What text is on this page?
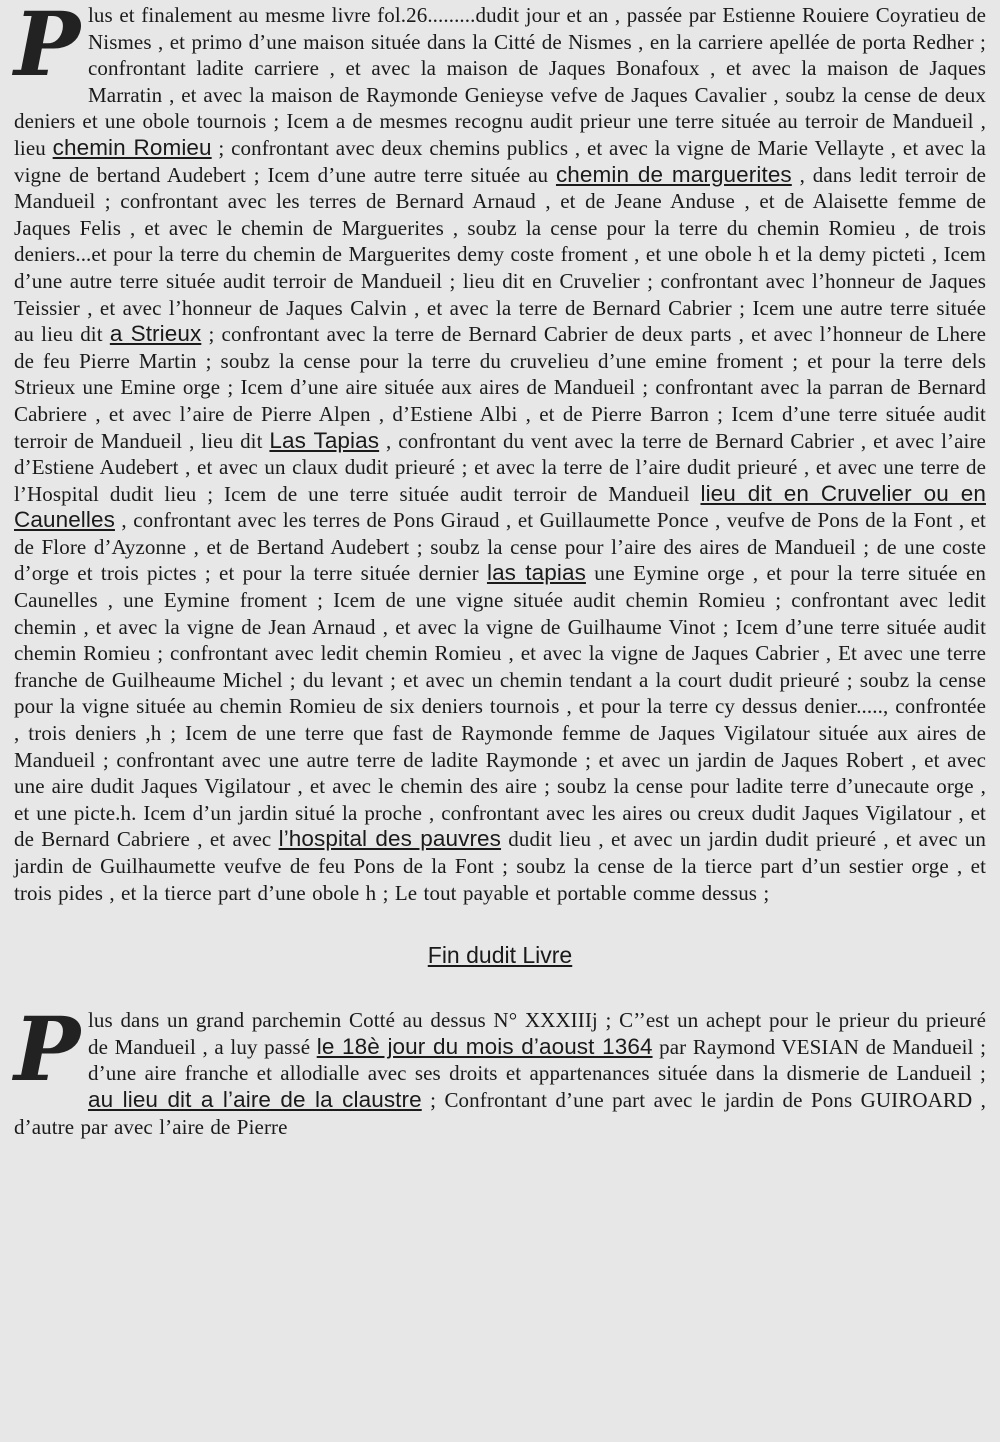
P lus et finalement au mesme livre fol.26.........dudit jour et an , passée par Estienne Rouiere Coyratieu de Nismes , et primo d’une maison située dans la Citté de Nismes , en la carriere apellée de porta Redher ; confrontant ladite carriere , et avec la maison de Jaques Bonafoux , et avec la maison de Jaques Marratin , et avec la maison de Raymonde Genieyse vefve de Jaques Cavalier , soubz la cense de deux deniers et une obole tournois ; Icem a de mesmes recognu audit prieur une terre située au terroir de Mandueil , lieu chemin Romieu ; confrontant avec deux chemins publics , et avec la vigne de Marie Vellayte , et avec la vigne de bertand Audebert ; Icem d’une autre terre située au chemin de marguerites , dans ledit terroir de Mandueil ; confrontant avec les terres de Bernard Arnaud , et de Jeane Anduse , et de Alaisette femme de Jaques Felis , et avec le chemin de Marguerites , soubz la cense pour la terre du chemin Romieu , de trois deniers...et pour la terre du chemin de Marguerites demy coste froment , et une obole h et la demy picteti , Icem d’une autre terre située audit terroir de Mandueil ; lieu dit en Cruvelier ; confrontant avec l’honneur de Jaques Teissier , et avec l’honneur de Jaques Calvin , et avec la terre de Bernard Cabrier ; Icem une autre terre située au lieu dit a Strieux ; confrontant avec la terre de Bernard Cabrier de deux parts , et avec l’honneur de Lhere de feu Pierre Martin ; soubz la cense pour la terre du cruvelieu d’une emine froment ; et pour la terre dels Strieux une Emine orge ; Icem d’une aire située aux aires de Mandueil ; confrontant avec la parran de Bernard Cabriere , et avec l’aire de Pierre Alpen , d’Estiene Albi , et de Pierre Barron ; Icem d’une terre située audit terroir de Mandueil , lieu dit Las Tapias , confrontant du vent avec la terre de Bernard Cabrier , et avec l’aire d’Estiene Audebert , et avec un claux dudit prieuré ; et avec la terre de l’aire dudit prieuré , et avec une terre de l’Hospital dudit lieu ; Icem de une terre située audit terroir de Mandueil lieu dit en Cruvelier ou en Caunelles , confrontant avec les terres de Pons Giraud , et Guillaumette Ponce , veufve de Pons de la Font , et de Flore d’Ayzonne , et de Bertand Audebert ; soubz la cense pour l’aire des aires de Mandueil ; de une coste d’orge et trois pictes ; et pour la terre située dernier las tapias une Eymine orge , et pour la terre située en Caunelles , une Eymine froment ; Icem de une vigne située audit chemin Romieu ; confrontant avec ledit chemin , et avec la vigne de Jean Arnaud , et avec la vigne de Guilhaume Vinot ; Icem d’une terre située audit chemin Romieu ; confrontant avec ledit chemin Romieu , et avec la vigne de Jaques Cabrier , Et avec une terre franche de Guilheaume Michel ; du levant ; et avec un chemin tendant a la court dudit prieuré ; soubz la cense pour la vigne située au chemin Romieu de six deniers tournois , et pour la terre cy dessus denier....., confrontée , trois deniers ,h ; Icem de une terre que fast de Raymonde femme de Jaques Vigilatour située aux aires de Mandueil ; confrontant avec une autre terre de ladite Raymonde ; et avec un jardin de Jaques Robert , et avec une aire dudit Jaques Vigilatour , et avec le chemin des aire ; soubz la cense pour ladite terre d’unecaute orge , et une picte.h. Icem d’un jardin situé la proche , confrontant avec les aires ou creux dudit Jaques Vigilatour , et de Bernard Cabriere , et avec l’hospital des pauvres dudit lieu , et avec un jardin dudit prieuré , et avec un jardin de Guilhaumette veufve de feu Pons de la Font ; soubz la cense de la tierce part d’un sestier orge , et trois pides , et la tierce part d’une obole h ; Le tout payable et portable comme dessus ;

Fin dudit Livre

P lus dans un grand parchemin Cotté au dessus N° XXXIIIj ; C’’est un achept pour le prieur du prieuré de Mandueil , a luy passé le 18è jour du mois d’aoust 1364 par Raymond VESIAN de Mandueil ; d’une aire franche et allodialle avec ses droits et appartenances située dans la dismerie de Landueil ; au lieu dit a l’aire de la claustre ; Confrontant d’une part avec le jardin de Pons GUIROARD , d’autre par avec l’aire de Pierre
